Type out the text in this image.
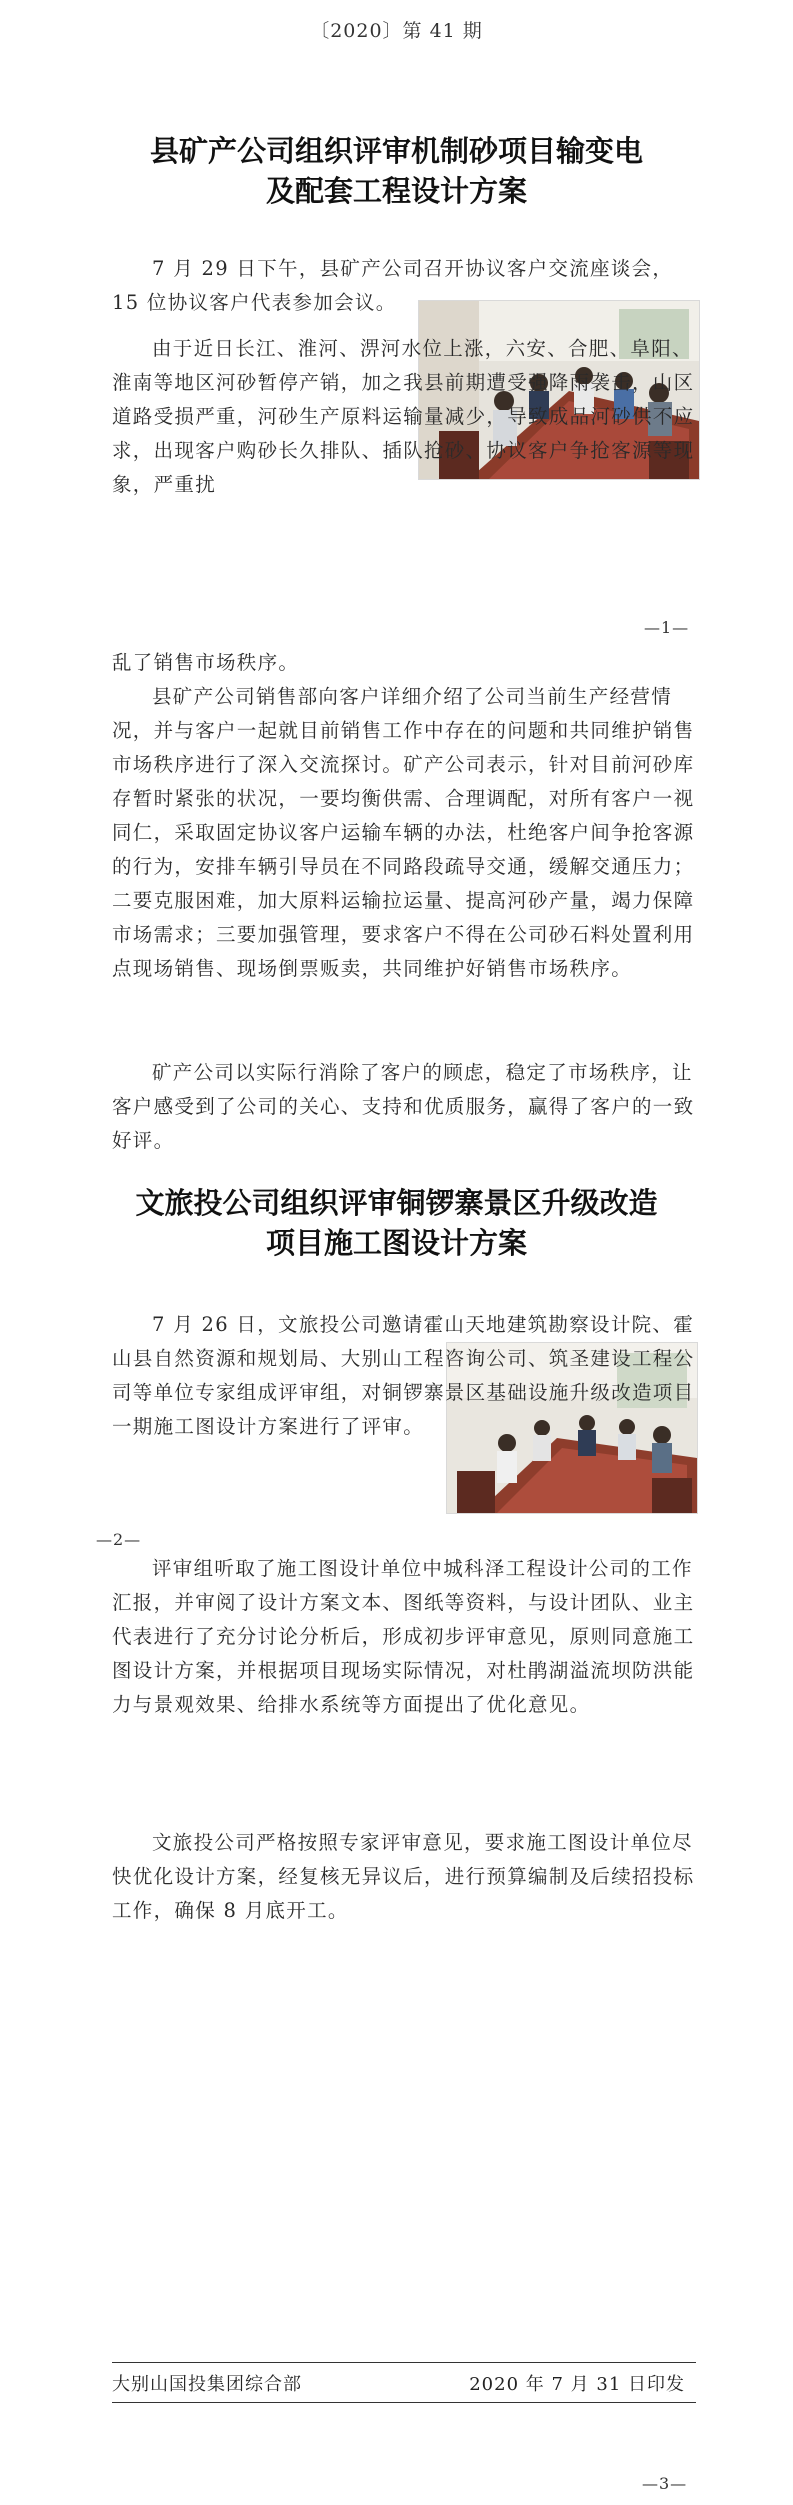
〔2020〕第 41 期
县矿产公司组织评审机制砂项目输变电
及配套工程设计方案

7 月 29 日下午，县矿产公司召开协议客户交流座谈会，15 位协议客户代表参加会议。

由于近日长江、淮河、淠河水位上涨，六安、合肥、阜阳、淮南等地区河砂暂停产销，加之我县前期遭受强降雨袭击，山区道路受损严重，河砂生产原料运输量减少，导致成品河砂供不应求，出现客户购砂长久排队、插队抢砂、协议客户争抢客源等现象，严重扰

—1—

乱了销售市场秩序。

县矿产公司销售部向客户详细介绍了公司当前生产经营情况，并与客户一起就目前销售工作中存在的问题和共同维护销售市场秩序进行了深入交流探讨。矿产公司表示，针对目前河砂库存暂时紧张的状况，一要均衡供需、合理调配，对所有客户一视同仁，采取固定协议客户运输车辆的办法，杜绝客户间争抢客源的行为，安排车辆引导员在不同路段疏导交通，缓解交通压力；二要克服困难，加大原料运输拉运量、提高河砂产量，竭力保障市场需求；三要加强管理，要求客户不得在公司砂石料处置利用点现场销售、现场倒票贩卖，共同维护好销售市场秩序。

矿产公司以实际行消除了客户的顾虑，稳定了市场秩序，让客户感受到了公司的关心、支持和优质服务，赢得了客户的一致好评。

文旅投公司组织评审铜锣寨景区升级改造
项目施工图设计方案

7 月 26 日，文旅投公司邀请霍山天地建筑勘察设计院、霍山县自然资源和规划局、大别山工程咨询公司、筑圣建设工程公司等单位专家组成评审组，对铜锣寨景区基础设施升级改造项目一期施工图设计方案进行了评审。

—2—

评审组听取了施工图设计单位中城科泽工程设计公司的工作汇报，并审阅了设计方案文本、图纸等资料，与设计团队、业主代表进行了充分讨论分析后，形成初步评审意见，原则同意施工图设计方案，并根据项目现场实际情况，对杜鹃湖溢流坝防洪能力与景观效果、给排水系统等方面提出了优化意见。

文旅投公司严格按照专家评审意见，要求施工图设计单位尽快优化设计方案，经复核无异议后，进行预算编制及后续招投标工作，确保 8 月底开工。

大别山国投集团综合部	2020 年 7 月 31 日印发
—3—
